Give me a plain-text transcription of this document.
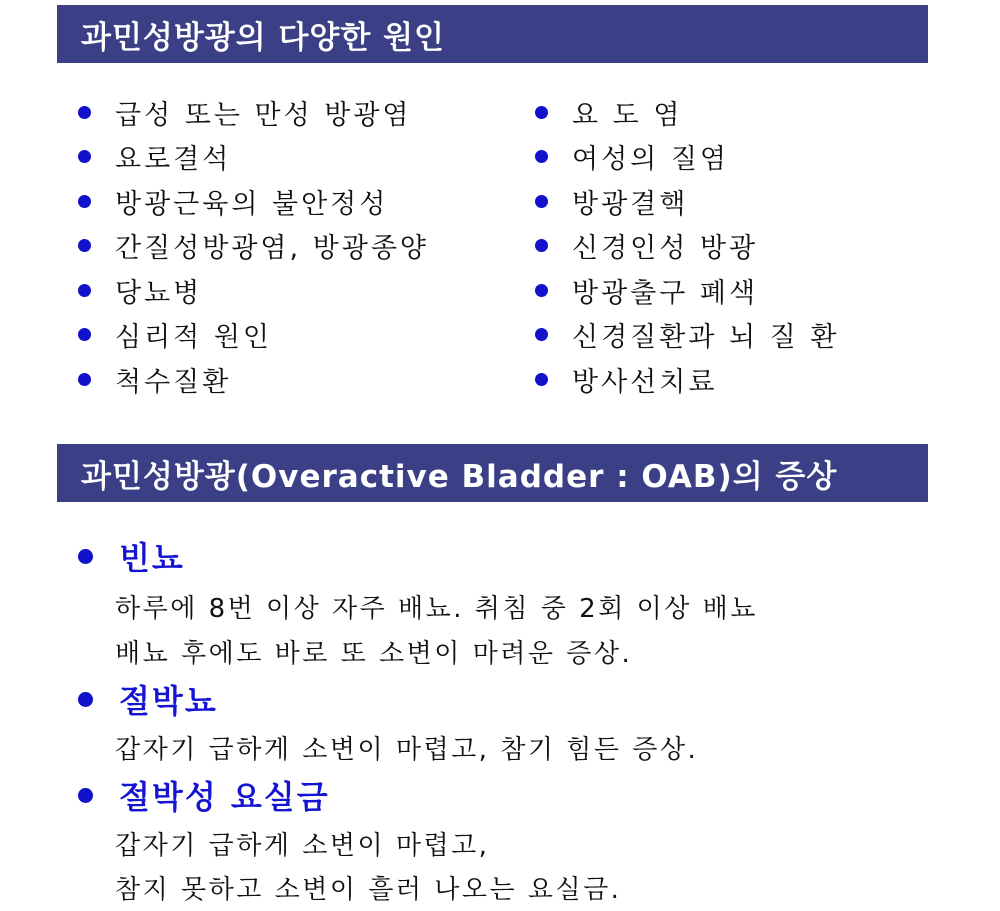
과민성방광의 다양한 원인
급성 또는 만성 방광염
요로결석
방광근육의 불안정성
간질성방광염, 방광종양
당뇨병
심리적 원인
척수질환
요 도 염
여성의 질염
방광결핵
신경인성 방광
방광출구 폐색
신경질환과 뇌 질 환
방사선치료
과민성방광(Overactive Bladder : OAB)의 증상
빈뇨
하루에 8번 이상 자주 배뇨. 취침 중 2회 이상 배뇨
배뇨 후에도 바로 또 소변이 마려운 증상.
절박뇨
갑자기 급하게 소변이 마렵고, 참기 힘든 증상.
절박성 요실금
갑자기 급하게 소변이 마렵고,
참지 못하고 소변이 흘러 나오는 요실금.
